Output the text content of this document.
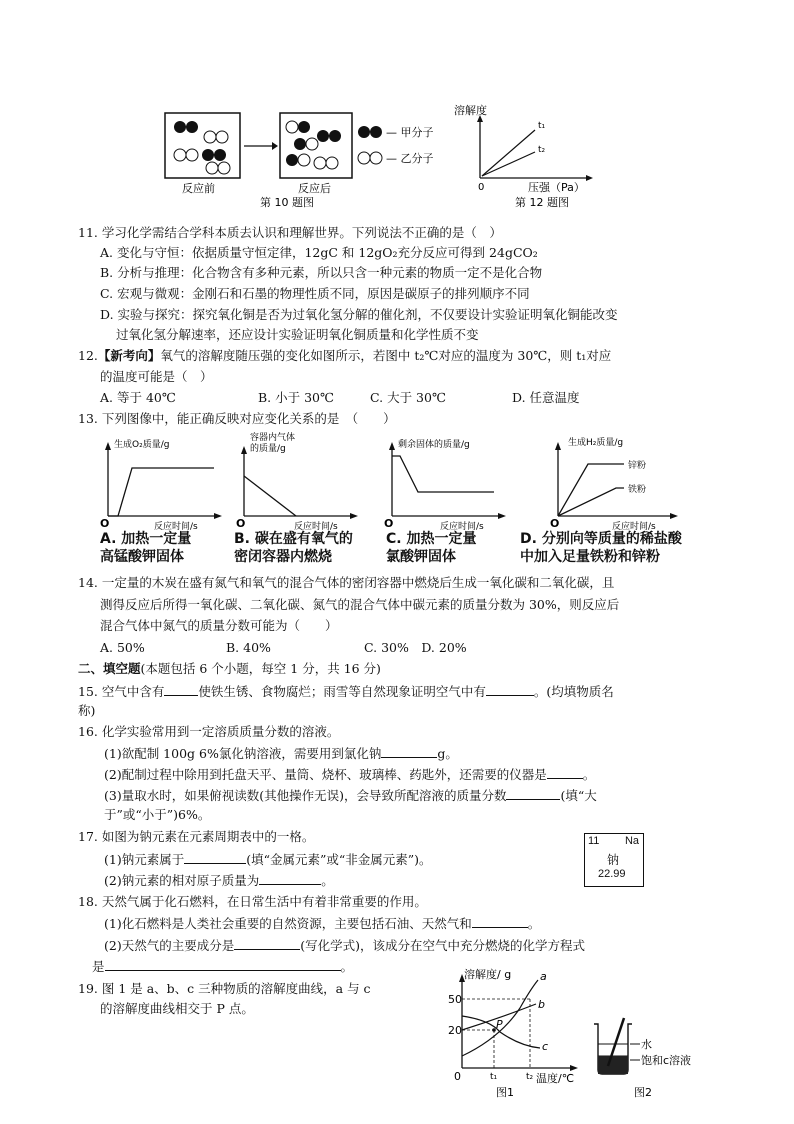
— 甲分子
— 乙分子
反应前	反应后
第 10 题图
溶解度
t₁
t₂
0	压强（Pa）
第 12 题图
11. 学习化学需结合学科本质去认识和理解世界。下列说法不正确的是（　）
A. 变化与守恒：依据质量守恒定律，12gC 和 12gO₂充分反应可得到 24gCO₂
B. 分析与推理：化合物含有多种元素，所以只含一种元素的物质一定不是化合物
C. 宏观与微观：金刚石和石墨的物理性质不同，原因是碳原子的排列顺序不同
D. 实验与探究：探究氧化铜是否为过氧化氢分解的催化剂，不仅要设计实验证明氧化铜能改变
过氧化氢分解速率，还应设计实验证明氧化铜质量和化学性质不变
12.【新考向】氧气的溶解度随压强的变化如图所示，若图中 t₂℃对应的温度为 30℃，则 t₁对应
的温度可能是（　）
A. 等于 40℃	B. 小于 30℃	C. 大于 30℃	D. 任意温度
13. 下列图像中，能正确反映对应变化关系的是　（　　）
生成O₂质量/g
O	反应时间/s
A. 加热一定量
高锰酸钾固体
容器内气体
的质量/g
O	反应时间/s
B. 碳在盛有氧气的
密闭容器内燃烧
剩余固体的质量/g
O	反应时间/s
C. 加热一定量
氯酸钾固体
生成H₂质量/g
锌粉
铁粉
O	反应时间/s
D. 分别向等质量的稀盐酸
中加入足量铁粉和锌粉
14. 一定量的木炭在盛有氮气和氧气的混合气体的密闭容器中燃烧后生成一氧化碳和二氧化碳，且
测得反应后所得一氧化碳、二氧化碳、氮气的混合气体中碳元素的质量分数为 30%，则反应后
混合气体中氮气的质量分数可能为（　　）
A. 50%	B. 40%	C. 30%　D. 20%
二、填空题(本题包括 6 个小题，每空 1 分，共 16 分)
15. 空气中含有	使铁生锈、食物腐烂；雨雪等自然现象证明空气中有	。(均填物质名
称)
16. 化学实验常用到一定溶质质量分数的溶液。
(1)欲配制 100g 6%氯化钠溶液，需要用到氯化钠	g。
(2)配制过程中除用到托盘天平、量筒、烧杯、玻璃棒、药匙外，还需要的仪器是	。
(3)量取水时，如果俯视读数(其他操作无误)，会导致所配溶液的质量分数	(填“大
于”或“小于”)6%。
17. 如图为钠元素在元素周期表中的一格。
(1)钠元素属于	(填“金属元素”或“非金属元素”)。
(2)钠元素的相对原子质量为	。
11 Na
钠
22.99
18. 天然气属于化石燃料，在日常生活中有着非常重要的作用。
(1)化石燃料是人类社会重要的自然资源，主要包括石油、天然气和	。
(2)天然气的主要成分是	(写化学式)，该成分在空气中充分燃烧的化学方程式
是	。
19. 图 1 是 a、b、c 三种物质的溶解度曲线，a 与 c
的溶解度曲线相交于 P 点。
溶解度/ g	a
b
c
P
50
20
0	t₁	t₂ 温度/℃
图1
水
饱和c溶液
图2
